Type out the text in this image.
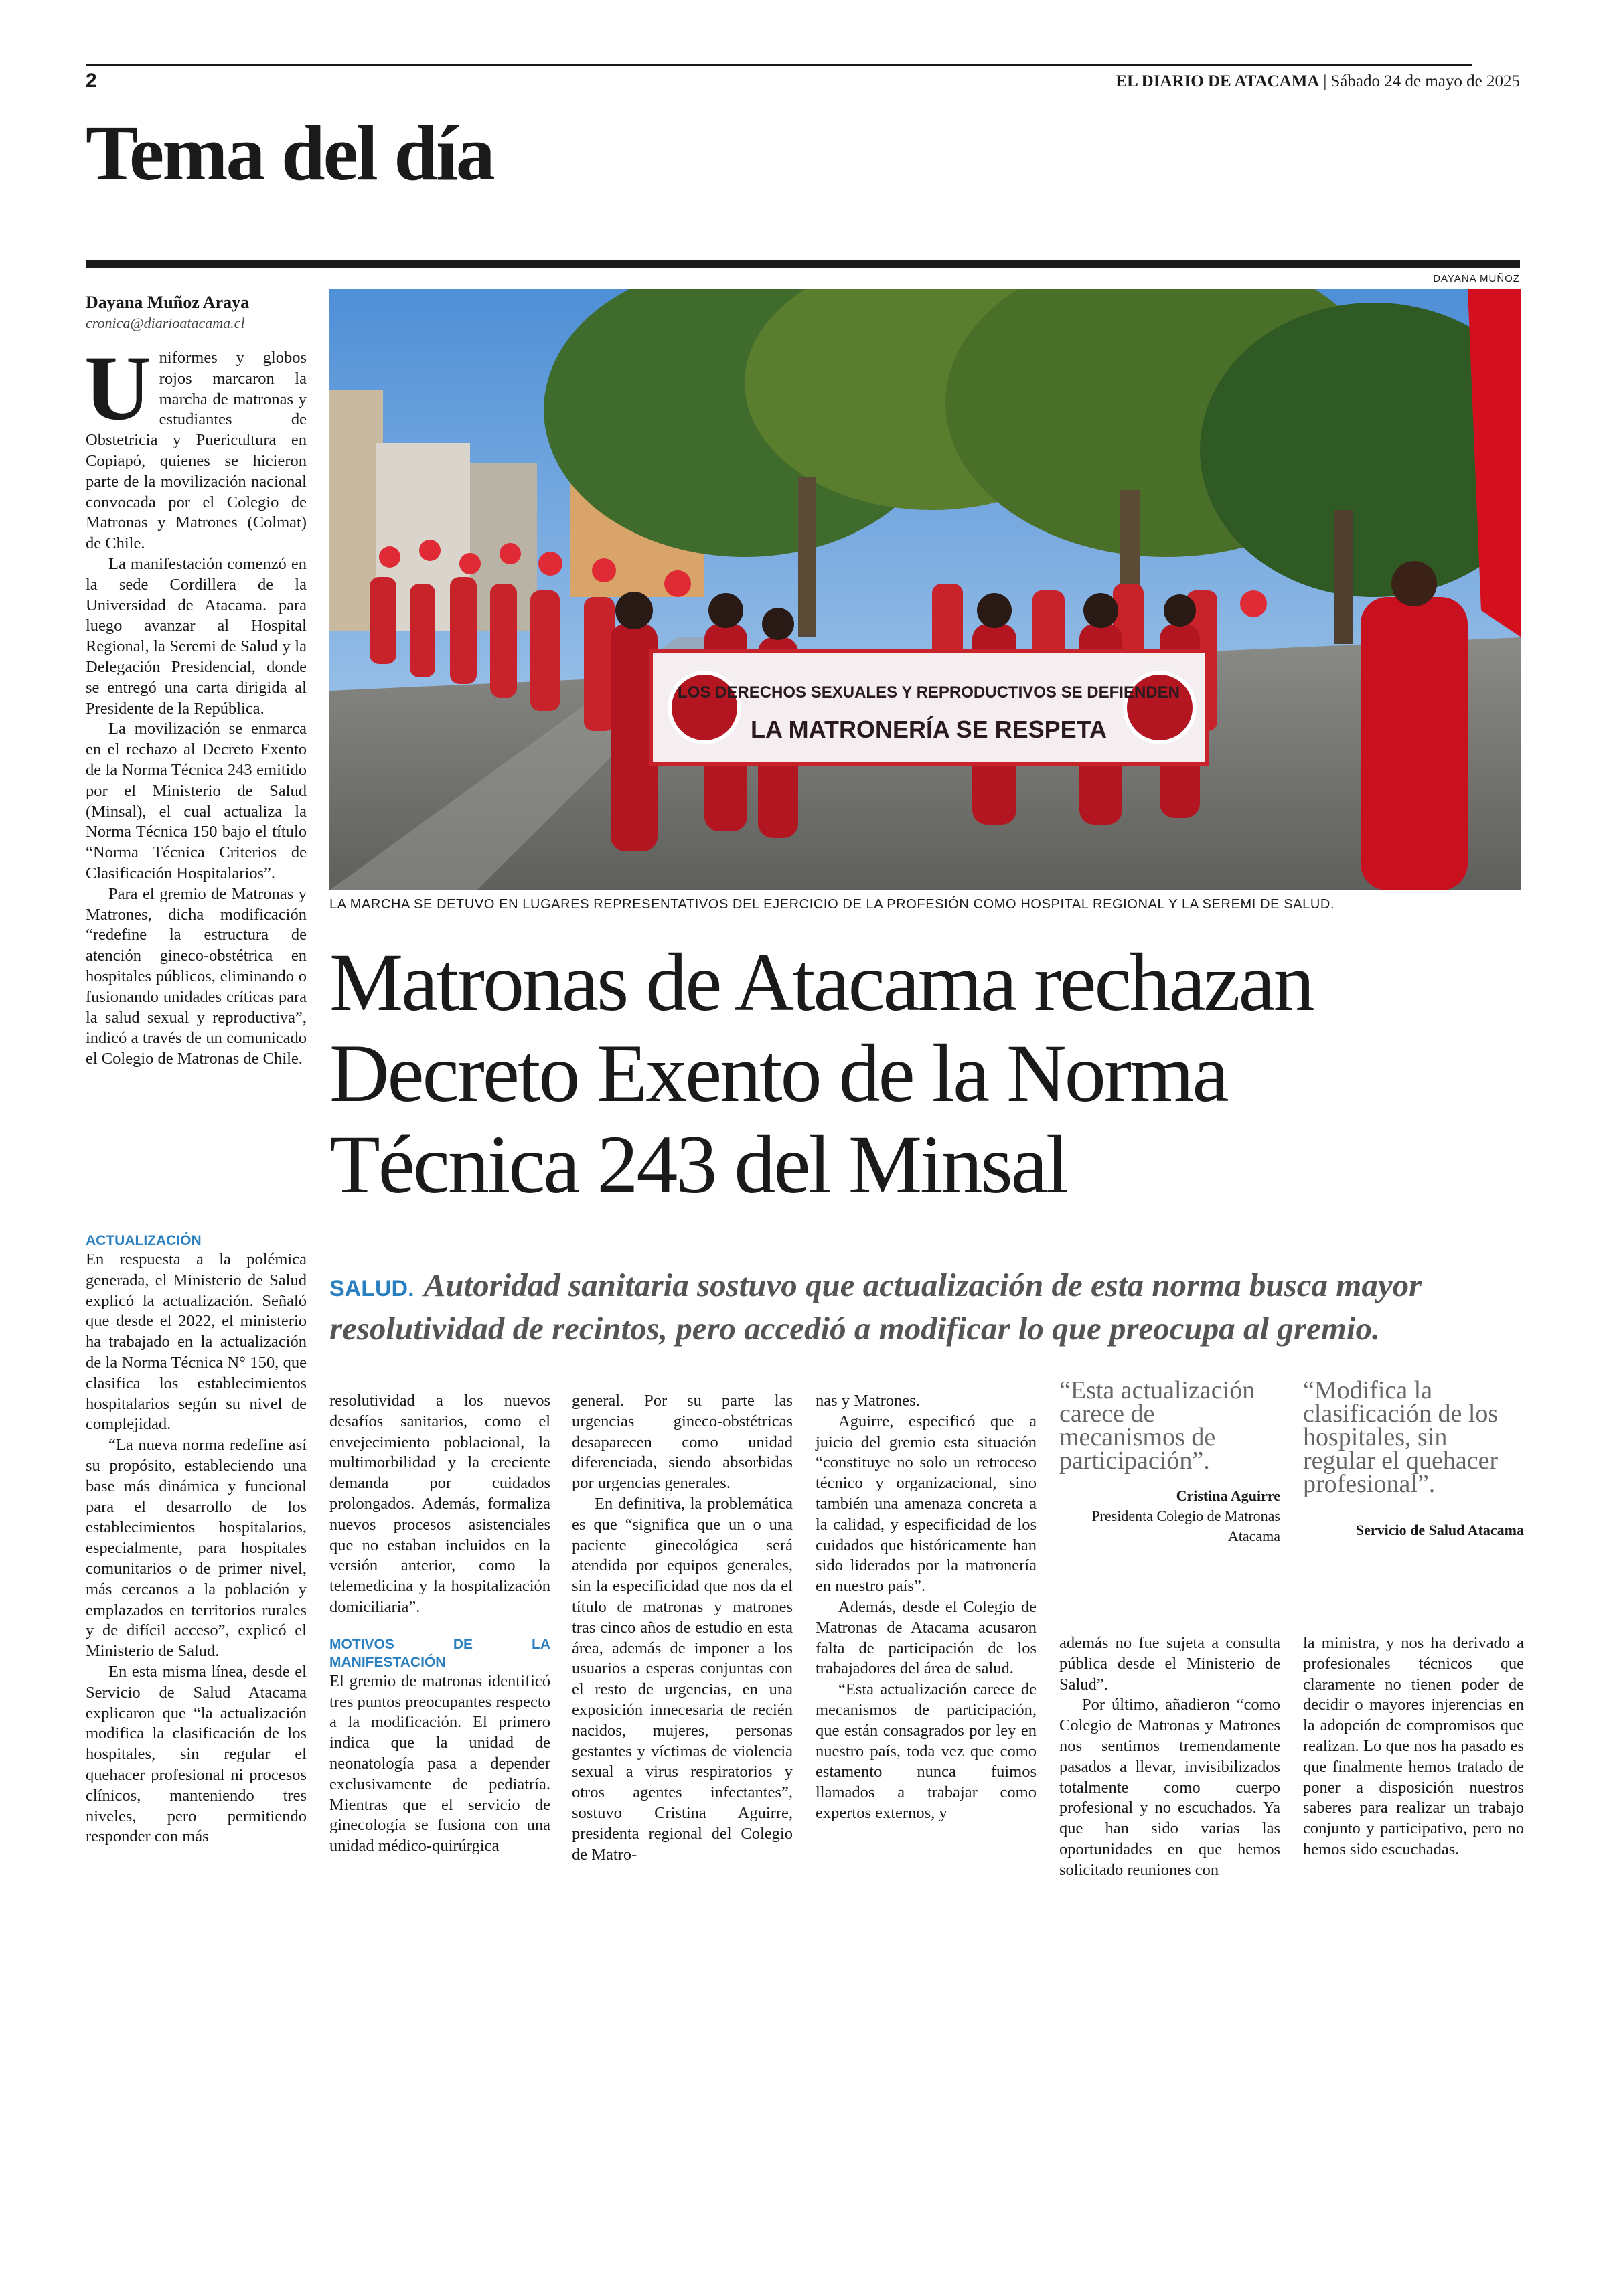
2	EL DIARIO DE ATACAMA | Sábado 24 de mayo de 2025
Tema del día
DAYANA MUÑOZ
LOS DERECHOS SEXUALES Y REPRODUCTIVOS SE DEFIENDEN
LA MATRONERÍA SE RESPETA
LA MARCHA SE DETUVO EN LUGARES REPRESENTATIVOS DEL EJERCICIO DE LA PROFESIÓN COMO HOSPITAL REGIONAL Y LA SEREMI DE SALUD.
Matronas de Atacama rechazan
Decreto Exento de la Norma
Técnica 243 del Minsal
SALUD. Autoridad sanitaria sostuvo que actualización de esta norma busca mayor resolutividad de recintos, pero accedió a modificar lo que preocupa al gremio.
Dayana Muñoz Araya
cronica@diarioatacama.cl

Uniformes y globos rojos marcaron la marcha de matronas y estudiantes de Obstetricia y Puericultura en Copiapó, quienes se hicieron parte de la movilización nacional convocada por el Colegio de Matronas y Matrones (Colmat) de Chile.

La manifestación comenzó en la sede Cordillera de la Universidad de Atacama. para luego avanzar al Hospital Regional, la Seremi de Salud y la Delegación Presidencial, donde se entregó una carta dirigida al Presidente de la República.

La movilización se enmarca en el rechazo al Decreto Exento de la Norma Técnica 243 emitido por el Ministerio de Salud (Minsal), el cual actualiza la Norma Técnica 150 bajo el título “Norma Técnica Criterios de Clasificación Hospitalarios”.

Para el gremio de Matronas y Matrones, dicha modificación “redefine la estructura de atención gineco-obstétrica en hospitales públicos, eliminando o fusionando unidades críticas para la salud sexual y reproductiva”, indicó a través de un comunicado el Colegio de Matronas de Chile.

ACTUALIZACIÓN

En respuesta a la polémica generada, el Ministerio de Salud explicó la actualización. Señaló que desde el 2022, el ministerio ha trabajado en la actualización de la Norma Técnica N° 150, que clasifica los establecimientos hospitalarios según su nivel de complejidad.

“La nueva norma redefine así su propósito, estableciendo una base más dinámica y funcional para el desarrollo de los establecimientos hospitalarios, especialmente, para hospitales comunitarios o de primer nivel, más cercanos a la población y emplazados en territorios rurales y de difícil acceso”, explicó el Ministerio de Salud.

En esta misma línea, desde el Servicio de Salud Atacama explicaron que “la actualización modifica la clasificación de los hospitales, sin regular el quehacer profesional ni procesos clínicos, manteniendo tres niveles, pero permitiendo responder con más

resolutividad a los nuevos desafíos sanitarios, como el envejecimiento poblacional, la multimorbilidad y la creciente demanda por cuidados prolongados. Además, formaliza nuevos procesos asistenciales que no estaban incluidos en la versión anterior, como la telemedicina y la hospitalización domiciliaria”.

MOTIVOS DE LA MANIFESTACIÓN

El gremio de matronas identificó tres puntos preocupantes respecto a la modificación. El primero indica que la unidad de neonatología pasa a depender exclusivamente de pediatría. Mientras que el servicio de ginecología se fusiona con una unidad médico-quirúrgica

general. Por su parte las urgencias gineco-obstétricas desaparecen como unidad diferenciada, siendo absorbidas por urgencias generales.

En definitiva, la problemática es que “significa que un o una paciente ginecológica será atendida por equipos generales, sin la especificidad que nos da el título de matronas y matrones tras cinco años de estudio en esta área, además de imponer a los usuarios a esperas conjuntas con el resto de urgencias, en una exposición innecesaria de recién nacidos, mujeres, personas gestantes y víctimas de violencia sexual a virus respiratorios y otros agentes infectantes”, sostuvo Cristina Aguirre, presidenta regional del Colegio de Matro-

nas y Matrones.

Aguirre, especificó que a juicio del gremio esta situación “constituye no solo un retroceso técnico y organizacional, sino también una amenaza concreta a la calidad, y especificidad de los cuidados que históricamente han sido liderados por la matronería en nuestro país”.

Además, desde el Colegio de Matronas de Atacama acusaron falta de participación de los trabajadores del área de salud.

“Esta actualización carece de mecanismos de participación, que están consagrados por ley en nuestro país, toda vez que como estamento nunca fuimos llamados a trabajar como expertos externos, y

“Esta actualización carece de mecanismos de participación”.
Cristina Aguirre
Presidenta Colegio de Matronas Atacama
“Modifica la clasificación de los hospitales, sin regular el quehacer profesional”.
Servicio de Salud Atacama

además no fue sujeta a consulta pública desde el Ministerio de Salud”.

Por último, añadieron “como Colegio de Matronas y Matrones nos sentimos tremendamente pasados a llevar, invisibilizados totalmente como cuerpo profesional y no escuchados. Ya que han sido varias las oportunidades en que hemos solicitado reuniones con

la ministra, y nos ha derivado a profesionales técnicos que claramente no tienen poder de decidir o mayores injerencias en la adopción de compromisos que realizan. Lo que nos ha pasado es que finalmente hemos tratado de poner a disposición nuestros saberes para realizar un trabajo conjunto y participativo, pero no hemos sido escuchadas.
